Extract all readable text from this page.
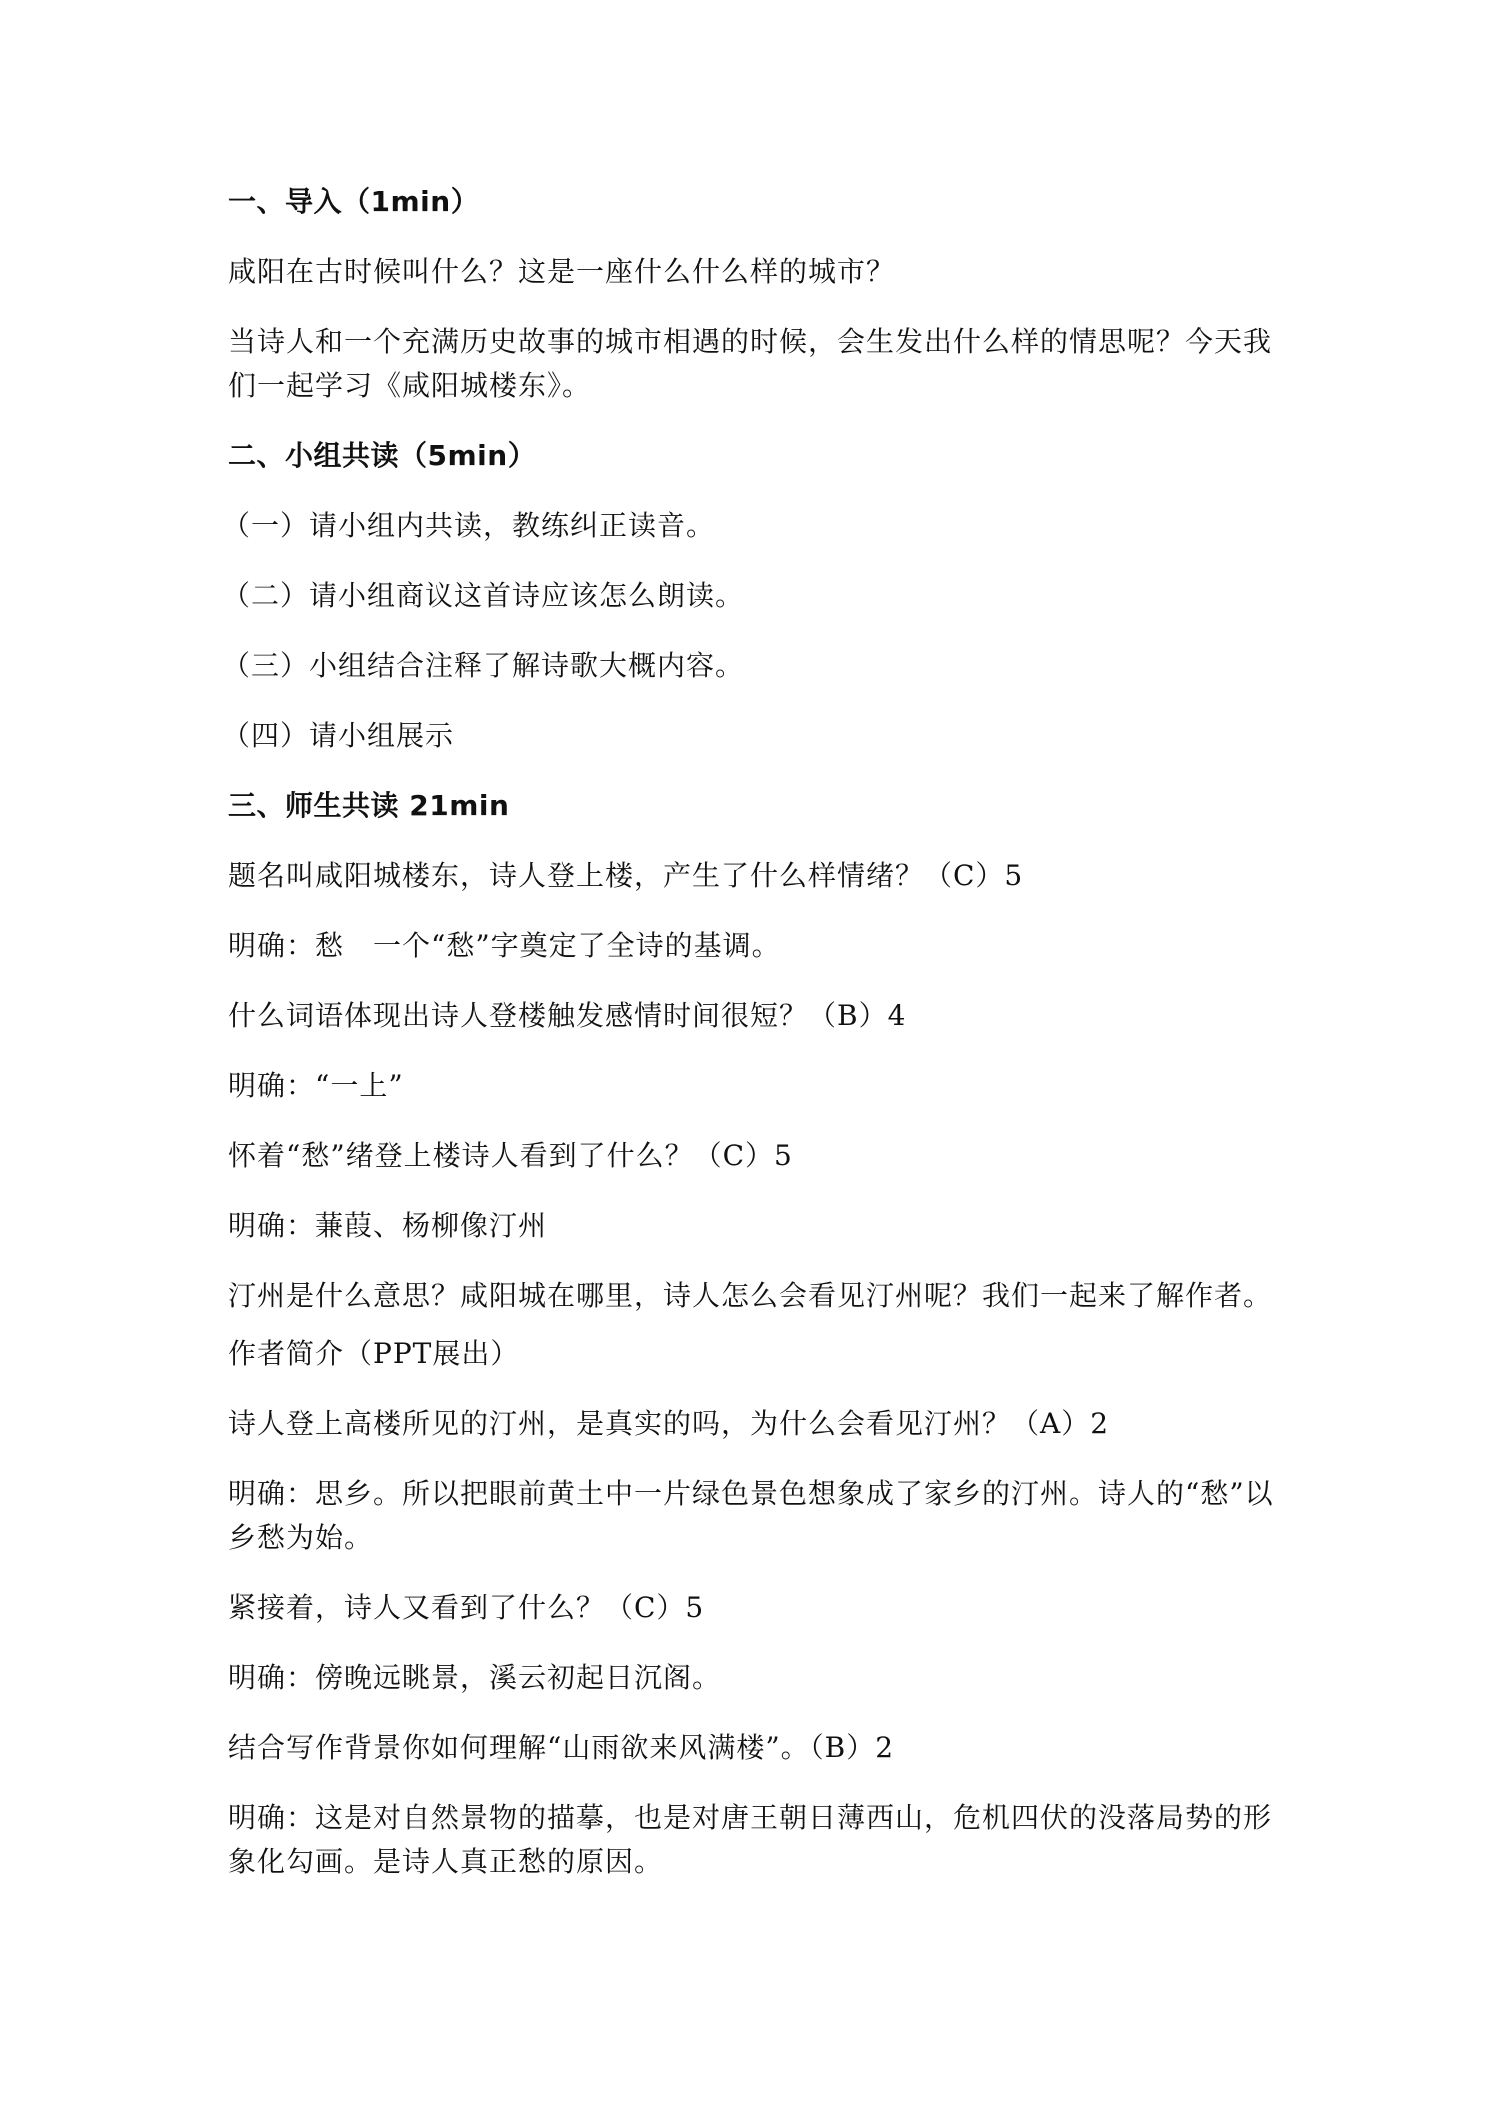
一、导入（1min）
咸阳在古时候叫什么？这是一座什么什么样的城市？
当诗人和一个充满历史故事的城市相遇的时候，会生发出什么样的情思呢？今天我们一起学习《咸阳城楼东》。
二、小组共读（5min）
（一）请小组内共读，教练纠正读音。
（二）请小组商议这首诗应该怎么朗读。
（三）小组结合注释了解诗歌大概内容。
（四）请小组展示
三、师生共读 21min
题名叫咸阳城楼东，诗人登上楼，产生了什么样情绪？（C）5
明确：愁　一个“愁”字奠定了全诗的基调。
什么词语体现出诗人登楼触发感情时间很短？（B）4
明确：“一上”
怀着“愁”绪登上楼诗人看到了什么？（C）5
明确：蒹葭、杨柳像汀州
汀州是什么意思？咸阳城在哪里，诗人怎么会看见汀州呢？我们一起来了解作者。
作者简介（PPT展出）
诗人登上高楼所见的汀州，是真实的吗，为什么会看见汀州？（A）2
明确：思乡。所以把眼前黄土中一片绿色景色想象成了家乡的汀州。诗人的“愁”以乡愁为始。
紧接着，诗人又看到了什么？（C）5
明确：傍晚远眺景，溪云初起日沉阁。
结合写作背景你如何理解“山雨欲来风满楼”。（B）2
明确：这是对自然景物的描摹，也是对唐王朝日薄西山，危机四伏的没落局势的形象化勾画。是诗人真正愁的原因。
